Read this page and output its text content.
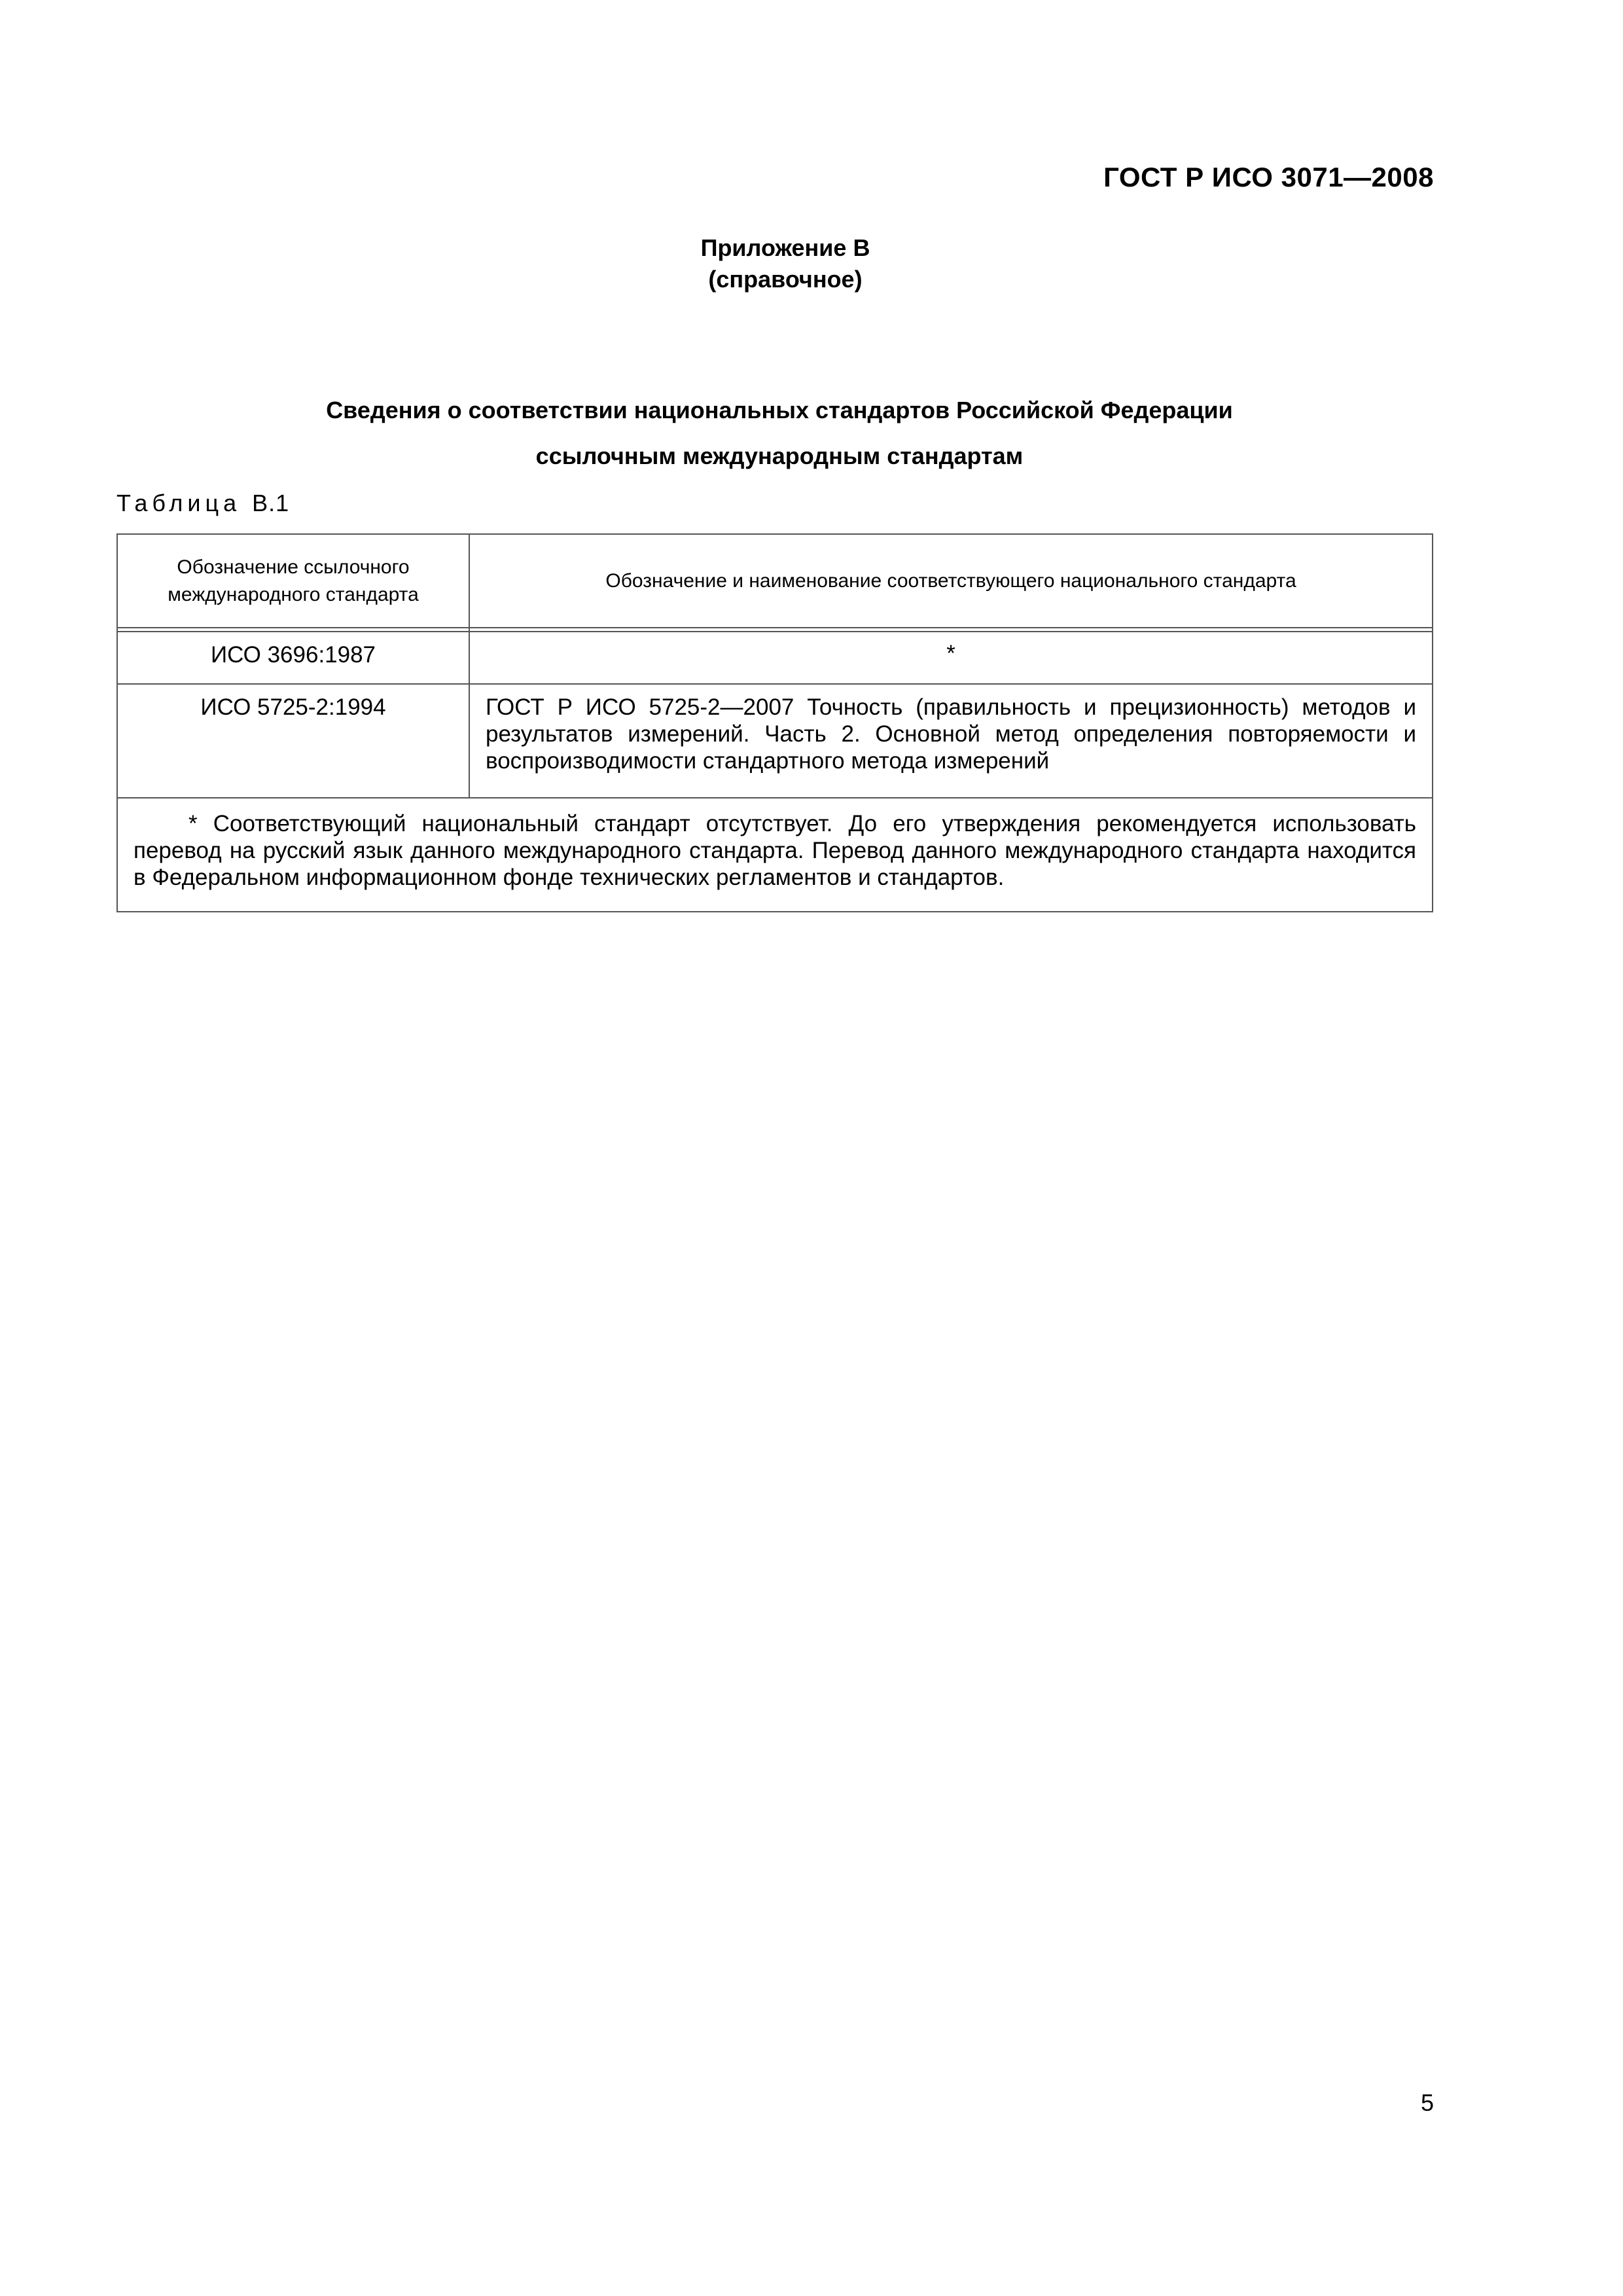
ГОСТ Р ИСО 3071—2008
Приложение В
(справочное)
Сведения о соответствии национальных стандартов Российской Федерации
ссылочным международным стандартам
Таблица В.1
Обозначение ссылочного международного стандарта	Обозначение и наименование соответствующего национального стандарта

ИСО 3696:1987	*
ИСО 5725-2:1994	ГОСТ Р ИСО 5725-2—2007 Точность (правильность и прецизионность) методов и результатов измерений. Часть 2. Основной метод определения повторяемости и воспроизводимости стандартного метода измерений
* Соответствующий национальный стандарт отсутствует. До его утверждения рекомендуется использовать перевод на русский язык данного международного стандарта. Перевод данного международного стандарта находится в Федеральном информационном фонде технических регламентов и стандартов.	
5
